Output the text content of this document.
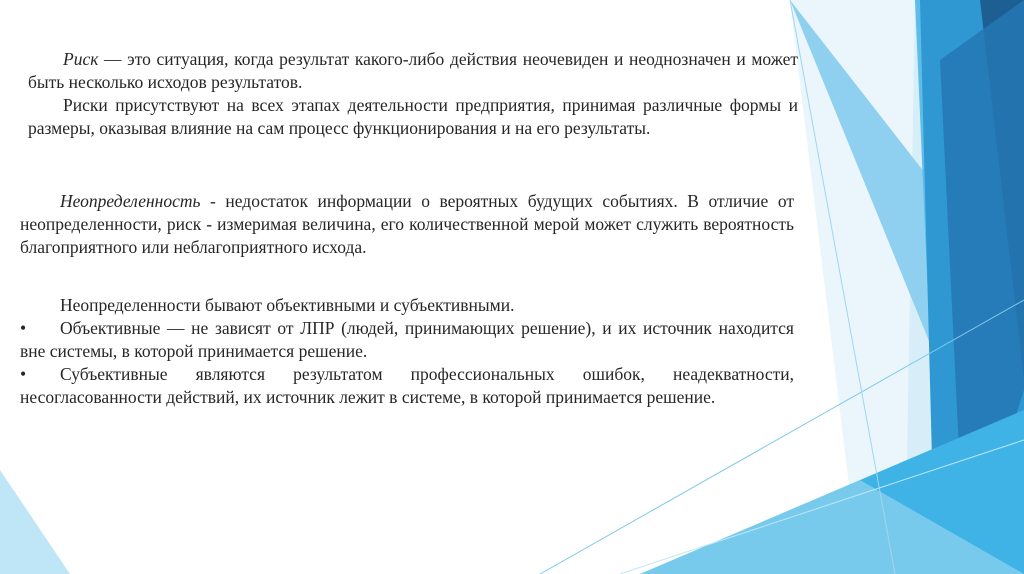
Риск — это ситуация, когда результат какого-либо действия неочевиден и неоднозначен и может быть несколько исходов результатов.

Риски присутствуют на всех этапах деятельности предприятия, принимая различные формы и размеры, оказывая влияние на сам процесс функционирования и на его результаты.

Неопределенность - недостаток информации о вероятных будущих событиях. В отличие от неопределенности, риск - измеримая величина, его количественной мерой может служить вероятность благоприятного или неблагоприятного исхода.

Неопределенности бывают объективными и субъективными.

• Объективные — не зависят от ЛПР (людей, принимающих решение), и их источник находится вне системы, в которой принимается решение.

• Субъективные являются результатом профессиональных ошибок, неадекватности, несогласованности действий, их источник лежит в системе, в которой принимается решение.
